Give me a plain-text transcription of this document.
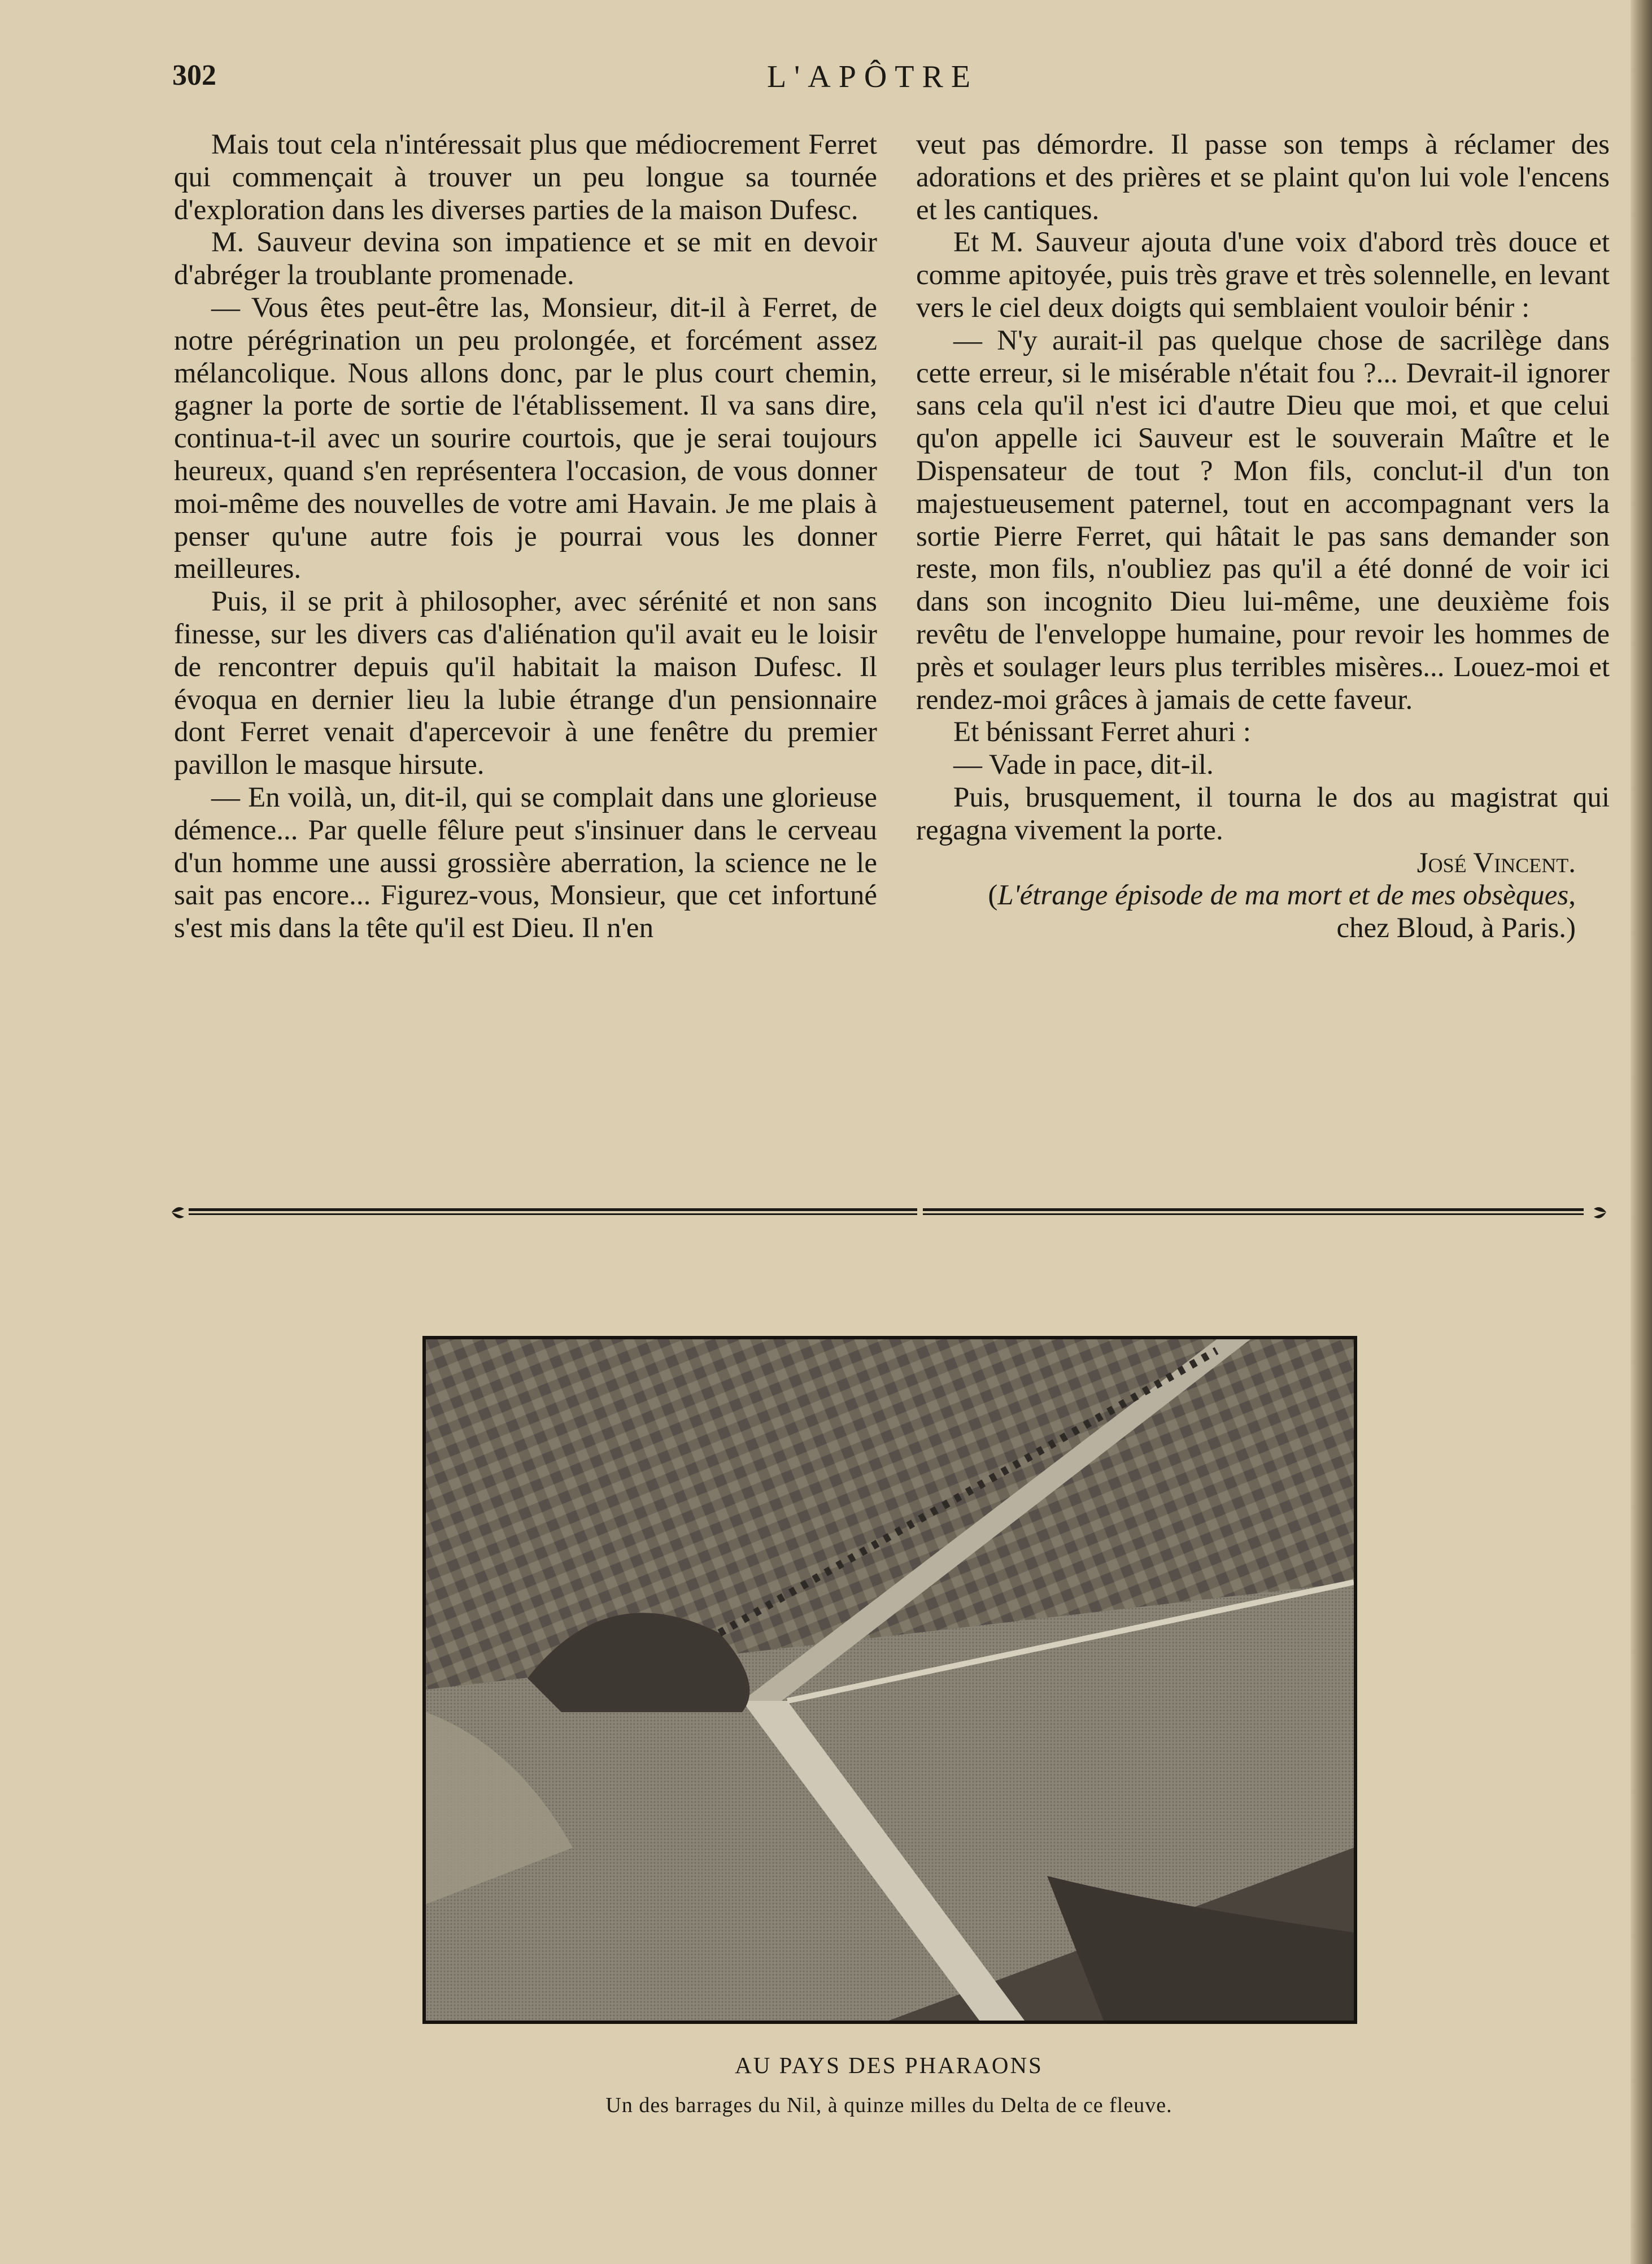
302	L'APÔTRE

Mais tout cela n'intéressait plus que médiocrement Ferret qui commençait à trouver un peu longue sa tournée d'exploration dans les diverses parties de la maison Dufesc.

M. Sauveur devina son impatience et se mit en devoir d'abréger la troublante promenade.

— Vous êtes peut-être las, Monsieur, dit-il à Ferret, de notre pérégrination un peu prolongée, et forcément assez mélancolique. Nous allons donc, par le plus court chemin, gagner la porte de sortie de l'établissement. Il va sans dire, continua-t-il avec un sourire courtois, que je serai toujours heureux, quand s'en représentera l'occasion, de vous donner moi-même des nouvelles de votre ami Havain. Je me plais à penser qu'une autre fois je pourrai vous les donner meilleures.

Puis, il se prit à philosopher, avec sérénité et non sans finesse, sur les divers cas d'aliénation qu'il avait eu le loisir de rencontrer depuis qu'il habitait la maison Dufesc. Il évoqua en dernier lieu la lubie étrange d'un pensionnaire dont Ferret venait d'apercevoir à une fenêtre du premier pavillon le masque hirsute.

— En voilà, un, dit-il, qui se complait dans une glorieuse démence... Par quelle fêlure peut s'insinuer dans le cerveau d'un homme une aussi grossière aberration, la science ne le sait pas encore... Figurez-vous, Monsieur, que cet infortuné s'est mis dans la tête qu'il est Dieu. Il n'en

veut pas démordre. Il passe son temps à réclamer des adorations et des prières et se plaint qu'on lui vole l'encens et les cantiques.

Et M. Sauveur ajouta d'une voix d'abord très douce et comme apitoyée, puis très grave et très solennelle, en levant vers le ciel deux doigts qui semblaient vouloir bénir :

— N'y aurait-il pas quelque chose de sacrilège dans cette erreur, si le misérable n'était fou ?... Devrait-il ignorer sans cela qu'il n'est ici d'autre Dieu que moi, et que celui qu'on appelle ici Sauveur est le souverain Maître et le Dispensateur de tout ? Mon fils, conclut-il d'un ton majestueusement paternel, tout en accompagnant vers la sortie Pierre Ferret, qui hâtait le pas sans demander son reste, mon fils, n'oubliez pas qu'il a été donné de voir ici dans son incognito Dieu lui-même, une deuxième fois revêtu de l'enveloppe humaine, pour revoir les hommes de près et soulager leurs plus terribles misères... Louez-moi et rendez-moi grâces à jamais de cette faveur.

Et bénissant Ferret ahuri :

— Vade in pace, dit-il.

Puis, brusquement, il tourna le dos au magistrat qui regagna vivement la porte.

José Vincent.

(L'étrange épisode de ma mort et de mes obsèques, chez Bloud, à Paris.)

AU PAYS DES PHARAONS
Un des barrages du Nil, à quinze milles du Delta de ce fleuve.
